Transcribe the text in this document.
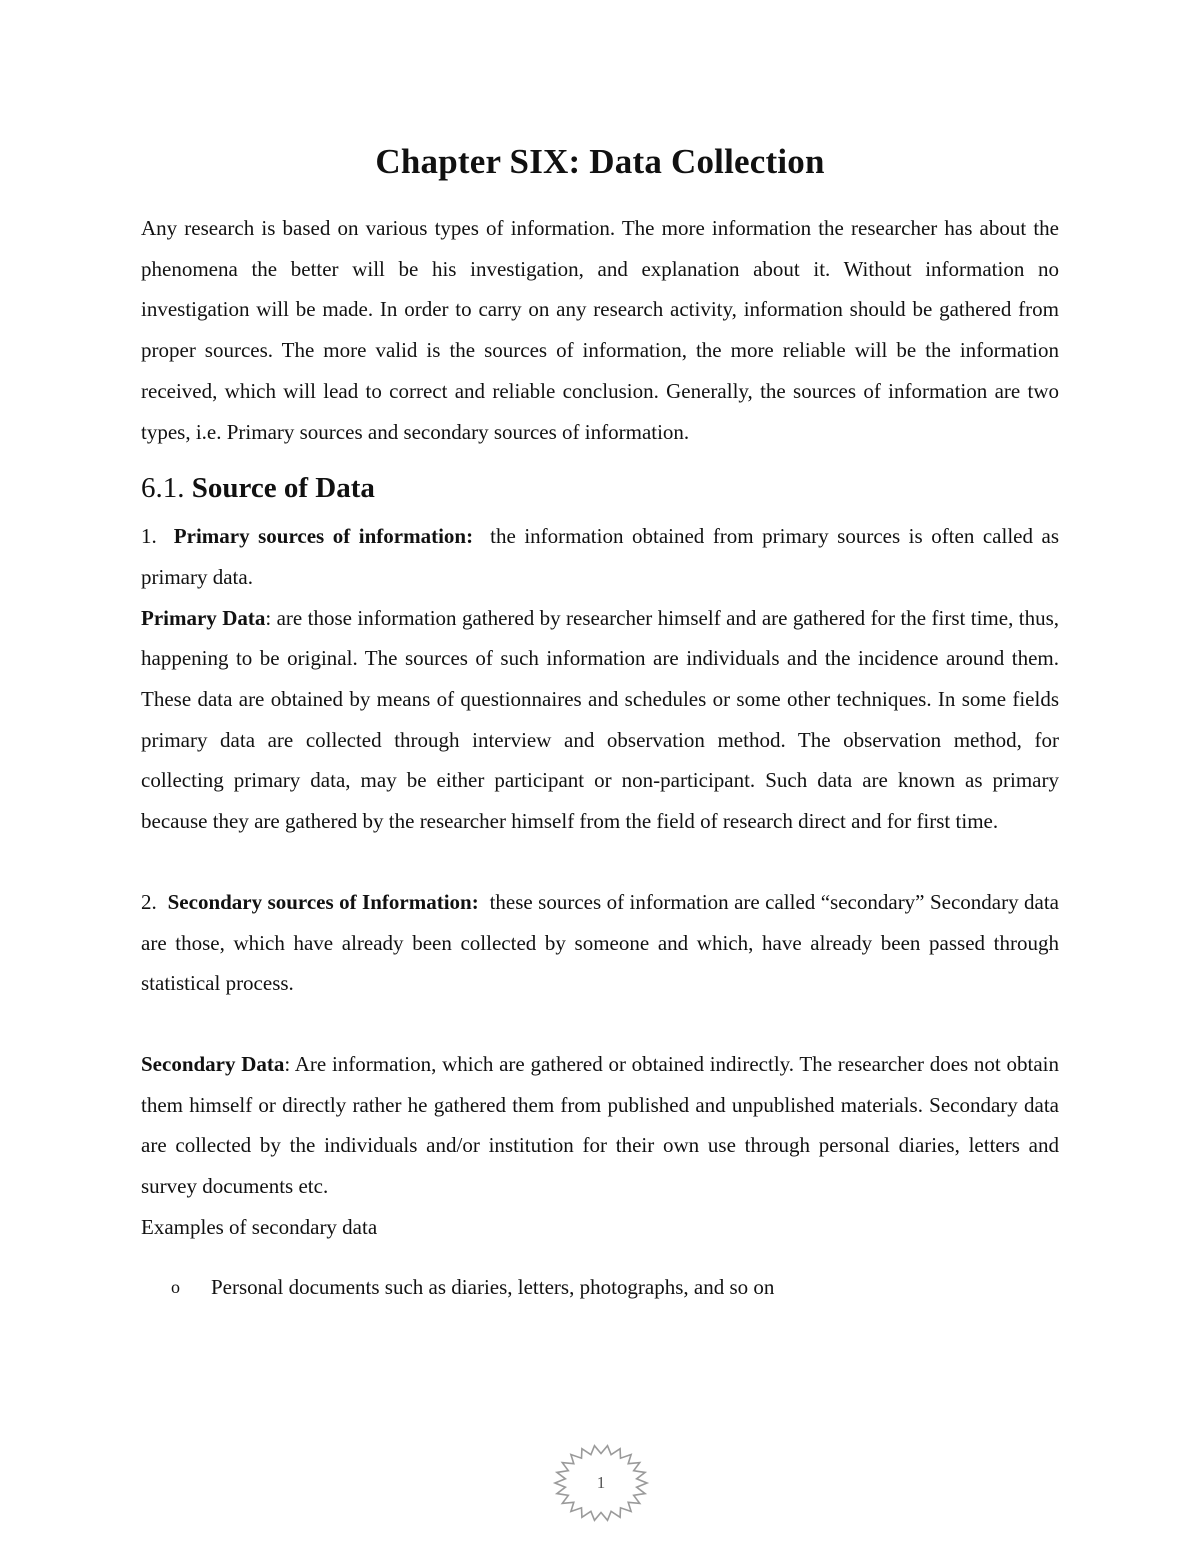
Chapter SIX: Data Collection

Any research is based on various types of information. The more information the researcher has about the phenomena the better will be his investigation, and explanation about it. Without information no investigation will be made. In order to carry on any research activity, information should be gathered from proper sources. The more valid is the sources of information, the more reliable will be the information received, which will lead to correct and reliable conclusion. Generally, the sources of information are two types, i.e. Primary sources and secondary sources of information.

6.1. Source of Data

1. Primary sources of information: the information obtained from primary sources is often called as primary data.

Primary Data: are those information gathered by researcher himself and are gathered for the first time, thus, happening to be original. The sources of such information are individuals and the incidence around them. These data are obtained by means of questionnaires and schedules or some other techniques. In some fields primary data are collected through interview and observation method. The observation method, for collecting primary data, may be either participant or non-participant. Such data are known as primary because they are gathered by the researcher himself from the field of research direct and for first time.

2. Secondary sources of Information: these sources of information are called “secondary” Secondary data are those, which have already been collected by someone and which, have already been passed through statistical process.

Secondary Data: Are information, which are gathered or obtained indirectly. The researcher does not obtain them himself or directly rather he gathered them from published and unpublished materials. Secondary data are collected by the individuals and/or institution for their own use through personal diaries, letters and survey documents etc.

Examples of secondary data

o Personal documents such as diaries, letters, photographs, and so on
1
